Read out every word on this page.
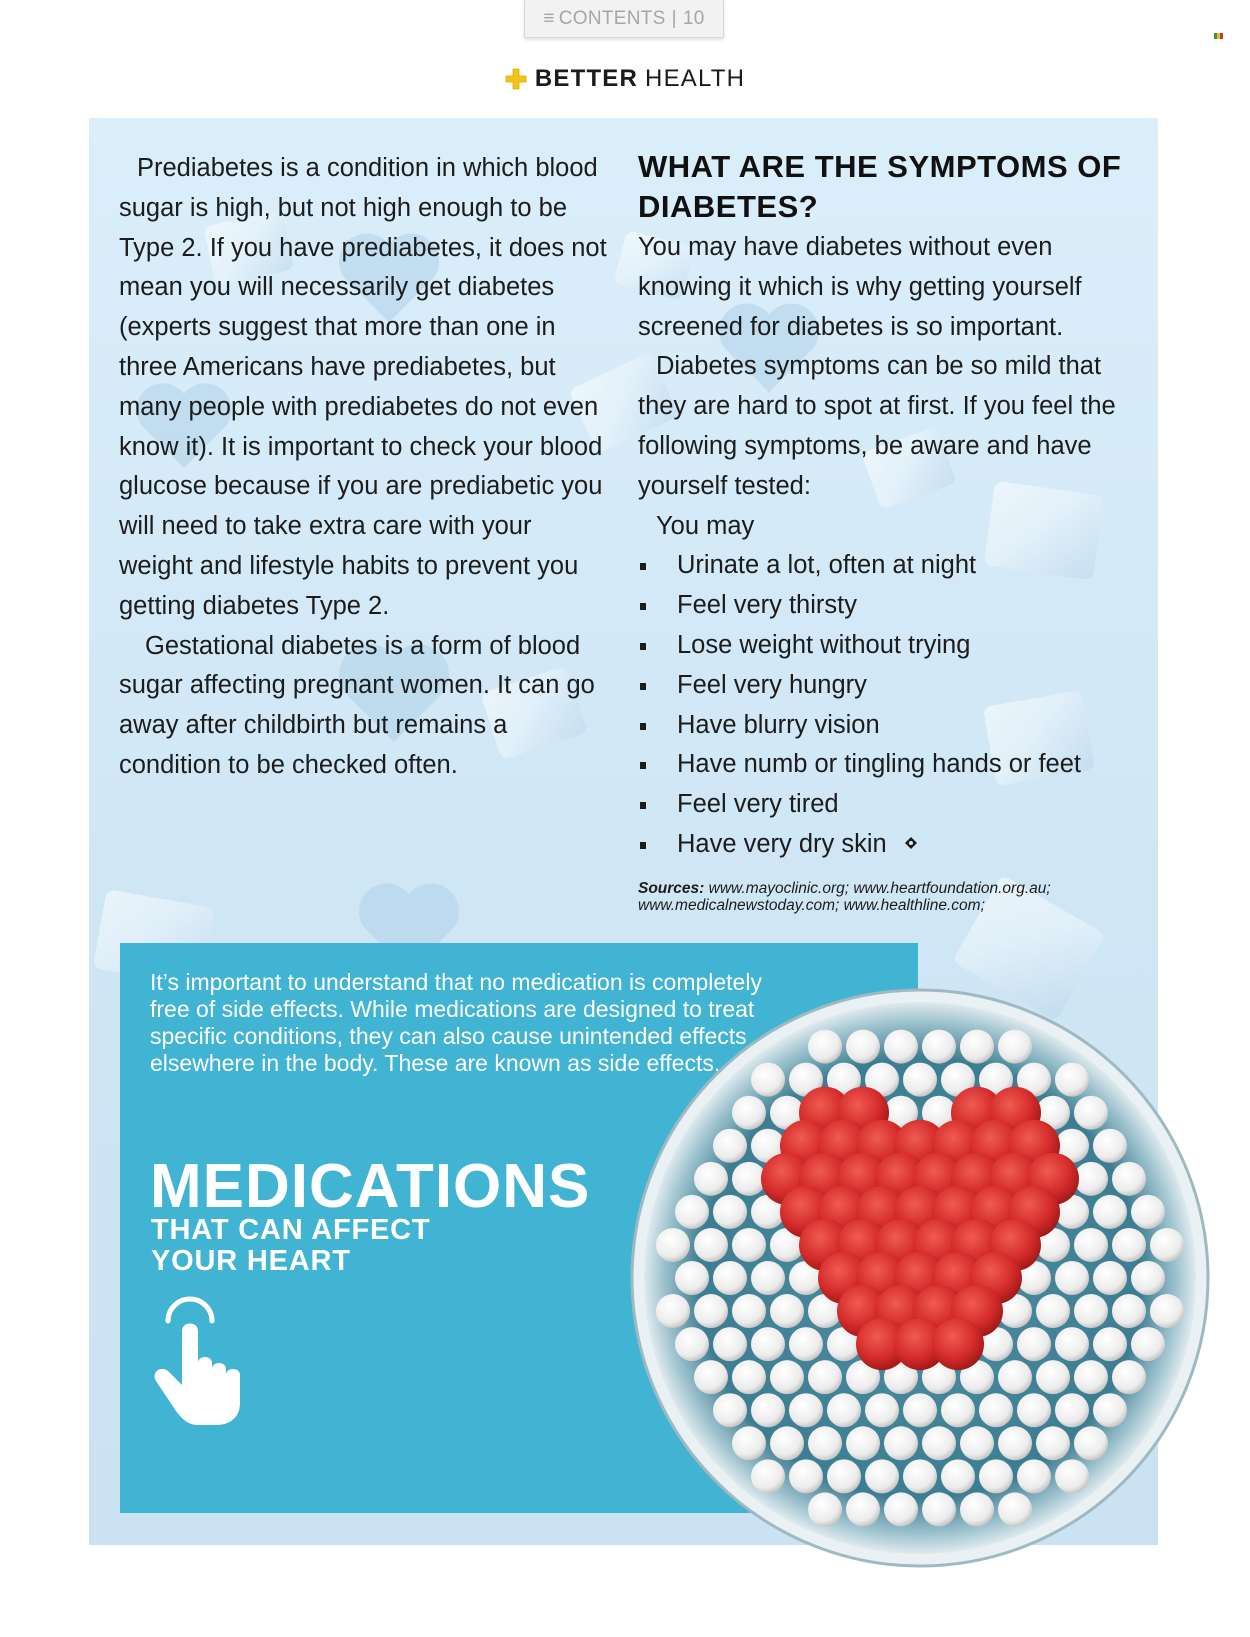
≡ CONTENTS | 10
BETTER HEALTH

Prediabetes is a condition in which blood sugar is high, but not high enough to be Type 2. If you have prediabetes, it does not mean you will necessarily get diabetes (experts suggest that more than one in three Americans have prediabetes, but many people with prediabetes do not even know it). It is important to check your blood glucose because if you are prediabetic you will need to take extra care with your weight and lifestyle habits to prevent you getting diabetes Type 2.

Gestational diabetes is a form of blood sugar affecting pregnant women. It can go away after childbirth but remains a condition to be checked often.

WHAT ARE THE SYMPTOMS OF DIABETES?

You may have diabetes without even knowing it which is why getting yourself screened for diabetes is so important.

Diabetes symptoms can be so mild that they are hard to spot at first. If you feel the following symptoms, be aware and have yourself tested:

You may

Urinate a lot, often at night
Feel very thirsty
Lose weight without trying
Feel very hungry
Have blurry vision
Have numb or tingling hands or feet
Feel very tired
Have very dry skin
Sources: www.mayoclinic.org; www.heartfoundation.org.au; www.medicalnewstoday.com; www.healthline.com;

It’s important to understand that no medication is completely free of side effects. While medications are designed to treat specific conditions, they can also cause unintended effects elsewhere in the body. These are known as side effects.

MEDICATIONS
THAT CAN AFFECT
YOUR HEART
